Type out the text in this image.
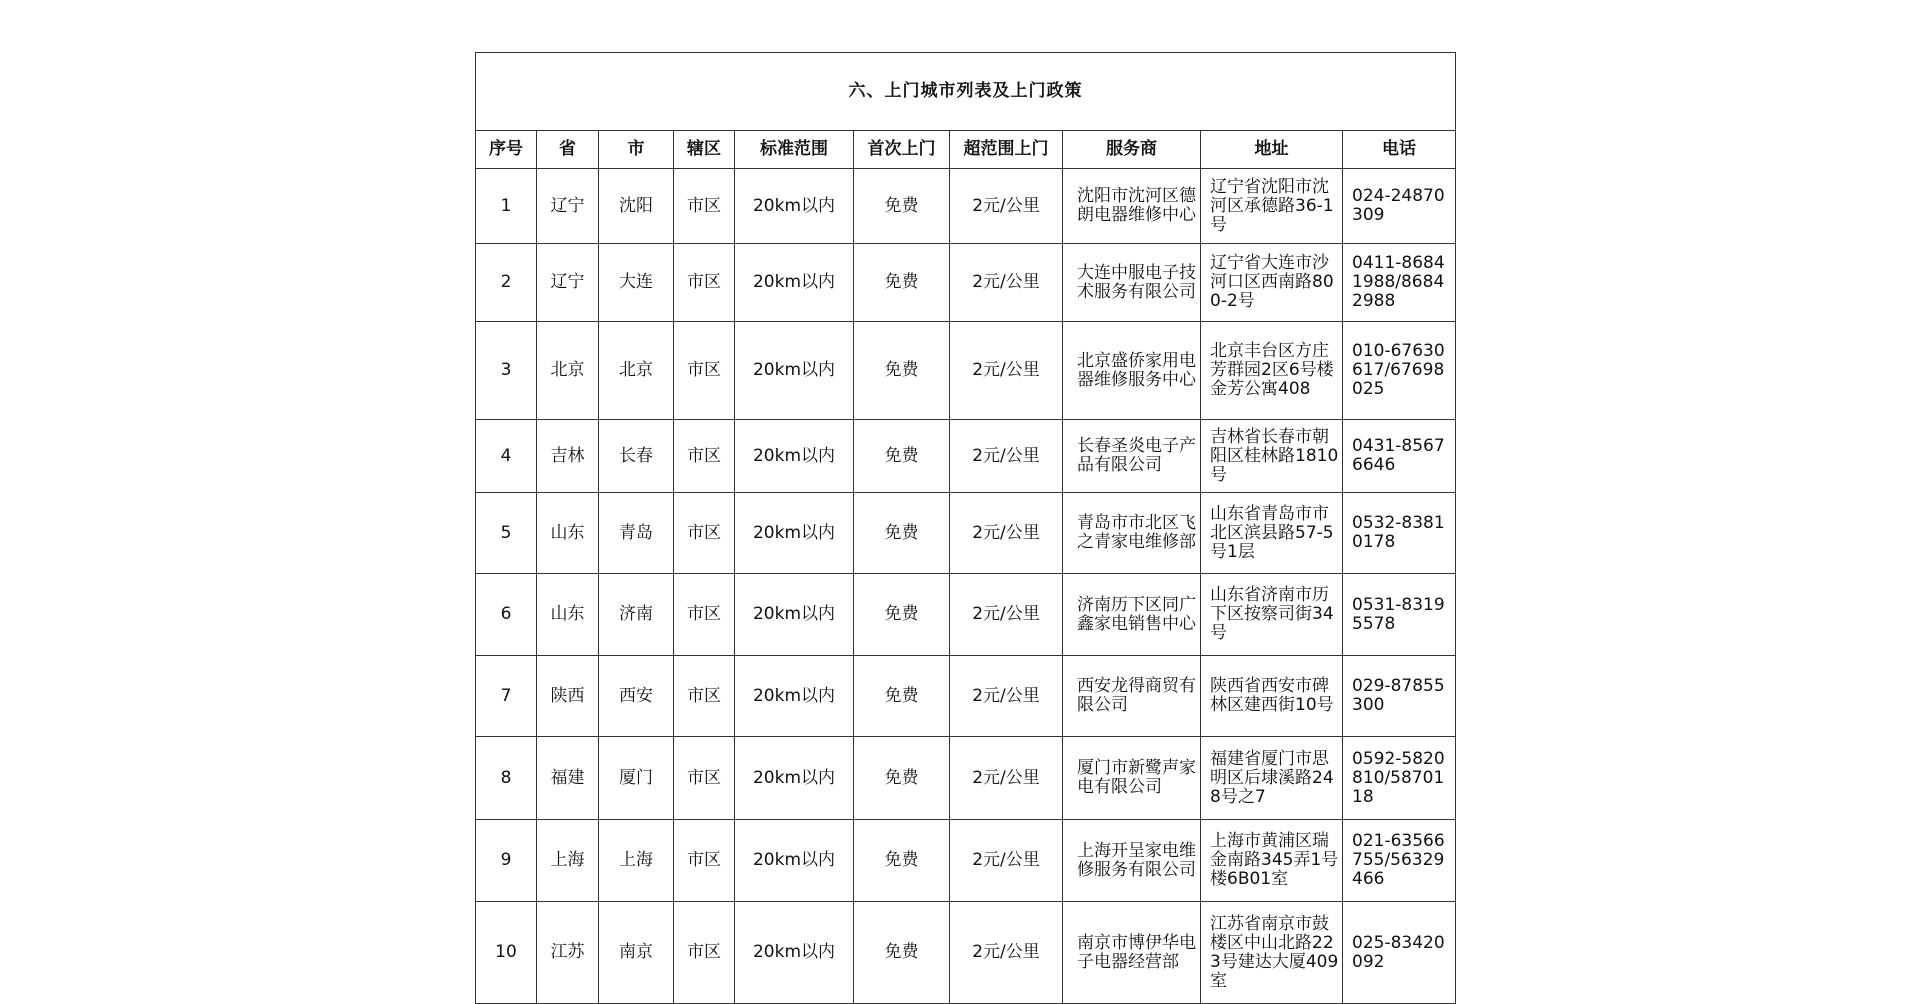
六、上门城市列表及上门政策									
序号	省	市	辖区	标准范围	首次上门	超范围上门	服务商	地址	电话
1	辽宁	沈阳	市区	20km以内	免费	2元/公里	沈阳市沈河区德朗电器维修中心	辽宁省沈阳市沈河区承德路36-1号	024-24870309
2	辽宁	大连	市区	20km以内	免费	2元/公里	大连中服电子技术服务有限公司	辽宁省大连市沙河口区西南路800-2号	0411-86841988/86842988
3	北京	北京	市区	20km以内	免费	2元/公里	北京盛侨家用电器维修服务中心	北京丰台区方庄芳群园2区6号楼金芳公寓408	010-67630617/67698025
4	吉林	长春	市区	20km以内	免费	2元/公里	长春圣炎电子产品有限公司	吉林省长春市朝阳区桂林路1810号	0431-85676646
5	山东	青岛	市区	20km以内	免费	2元/公里	青岛市市北区飞之青家电维修部	山东省青岛市市北区滨县路57-5号1层	0532-83810178
6	山东	济南	市区	20km以内	免费	2元/公里	济南历下区同广鑫家电销售中心	山东省济南市历下区按察司街34号	0531-83195578
7	陕西	西安	市区	20km以内	免费	2元/公里	西安龙得商贸有限公司	陕西省西安市碑林区建西街10号	029-87855300
8	福建	厦门	市区	20km以内	免费	2元/公里	厦门市新鹭声家电有限公司	福建省厦门市思明区后埭溪路248号之7	0592-5820810/5870118
9	上海	上海	市区	20km以内	免费	2元/公里	上海开呈家电维修服务有限公司	上海市黄浦区瑞金南路345弄1号楼6B01室	021-63566755/56329466
10	江苏	南京	市区	20km以内	免费	2元/公里	南京市博伊华电子电器经营部	江苏省南京市鼓楼区中山北路223号建达大厦409室	025-83420092
